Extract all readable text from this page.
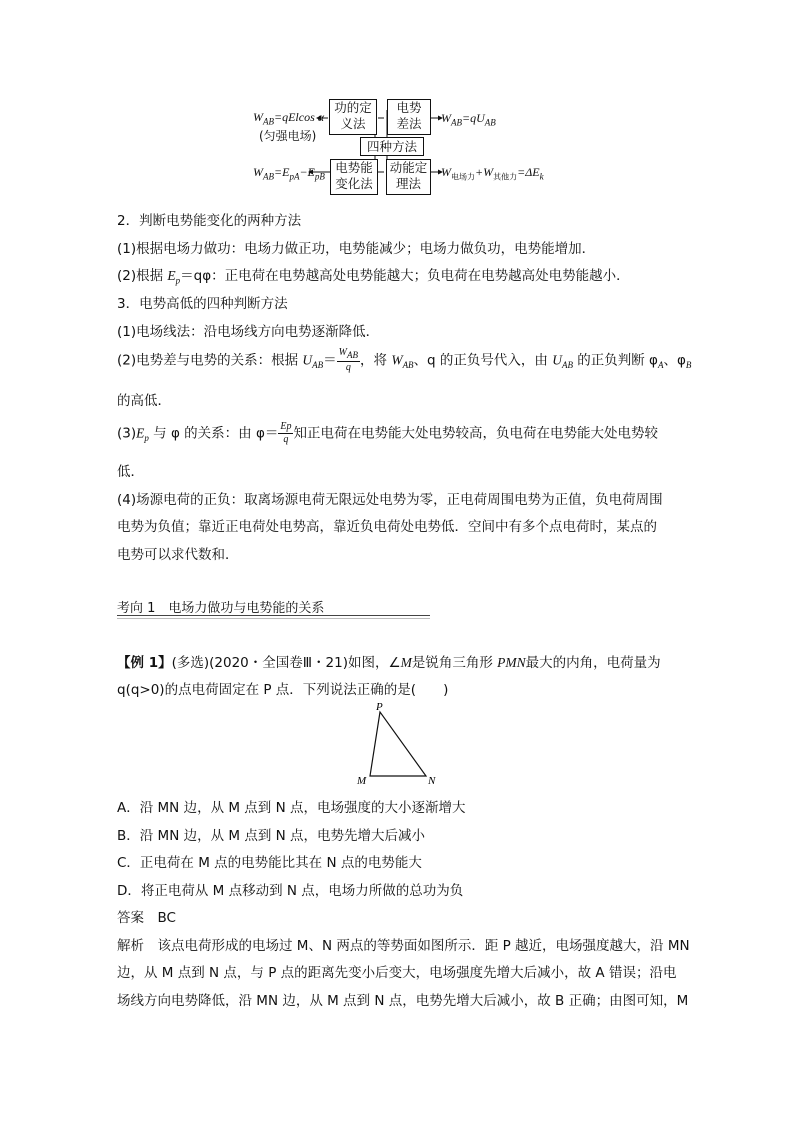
$W_{AB}=qElcos$ α
(匀强电场)
功的定
义法
电势
差法	$W_{AB}=qU_{AB}$
四种方法
电势能
变化法
动能定
理法
$W_{AB}=E_{pA}-E_{pB}$	$W_{电场力}+W_{其他力}=\Delta E_k$
2．判断电势能变化的两种方法
(1)根据电场力做功：电场力做正功，电势能减少；电场力做负功，电势能增加．
(2)根据 $E_p=q\varphi$：正电荷在电势越高处电势能越大；负电荷在电势越高处电势能越小．
3．电势高低的四种判断方法
(1)电场线法：沿电场线方向电势逐渐降低．
(2)电势差与电势的关系：根据 $U_{AB}= \frac{W_{AB}}{q}$ ，将 $W_{AB}$、q 的正负号代入，由 $U_{AB}$ 的正负判断 $\varphi_A$、$\varphi_B$
的高低．
$(3)E_p$ 与 φ 的关系：由 $\varphi= \frac{Ep}{q}$ 知正电荷在电势能大处电势较高，负电荷在电势能大处电势较
低．
(4)场源电荷的正负：取离场源电荷无限远处电势为零，正电荷周围电势为正值，负电荷周围
电势为负值；靠近正电荷处电势高，靠近负电荷处电势低．空间中有多个点电荷时，某点的
电势可以求代数和．
考向 1　电场力做功与电势能的关系
【例 1】(多选)(2020・全国卷Ⅲ・21)如图，∠M是锐角三角形 PMN最大的内角，电荷量为
q(q>0)的点电荷固定在 P 点．下列说法正确的是(　　)
P
M	N
A．沿 MN 边，从 M 点到 N 点，电场强度的大小逐渐增大
B．沿 MN 边，从 M 点到 N 点，电势先增大后减小
C．正电荷在 M 点的电势能比其在 N 点的电势能大
D．将正电荷从 M 点移动到 N 点，电场力所做的总功为负
答案　BC
解析　该点电荷形成的电场过 M、N 两点的等势面如图所示．距 P 越近，电场强度越大，沿 MN
边，从 M 点到 N 点，与 P 点的距离先变小后变大，电场强度先增大后减小，故 A 错误；沿电
场线方向电势降低，沿 MN 边，从 M 点到 N 点，电势先增大后减小，故 B 正确；由图可知，M
